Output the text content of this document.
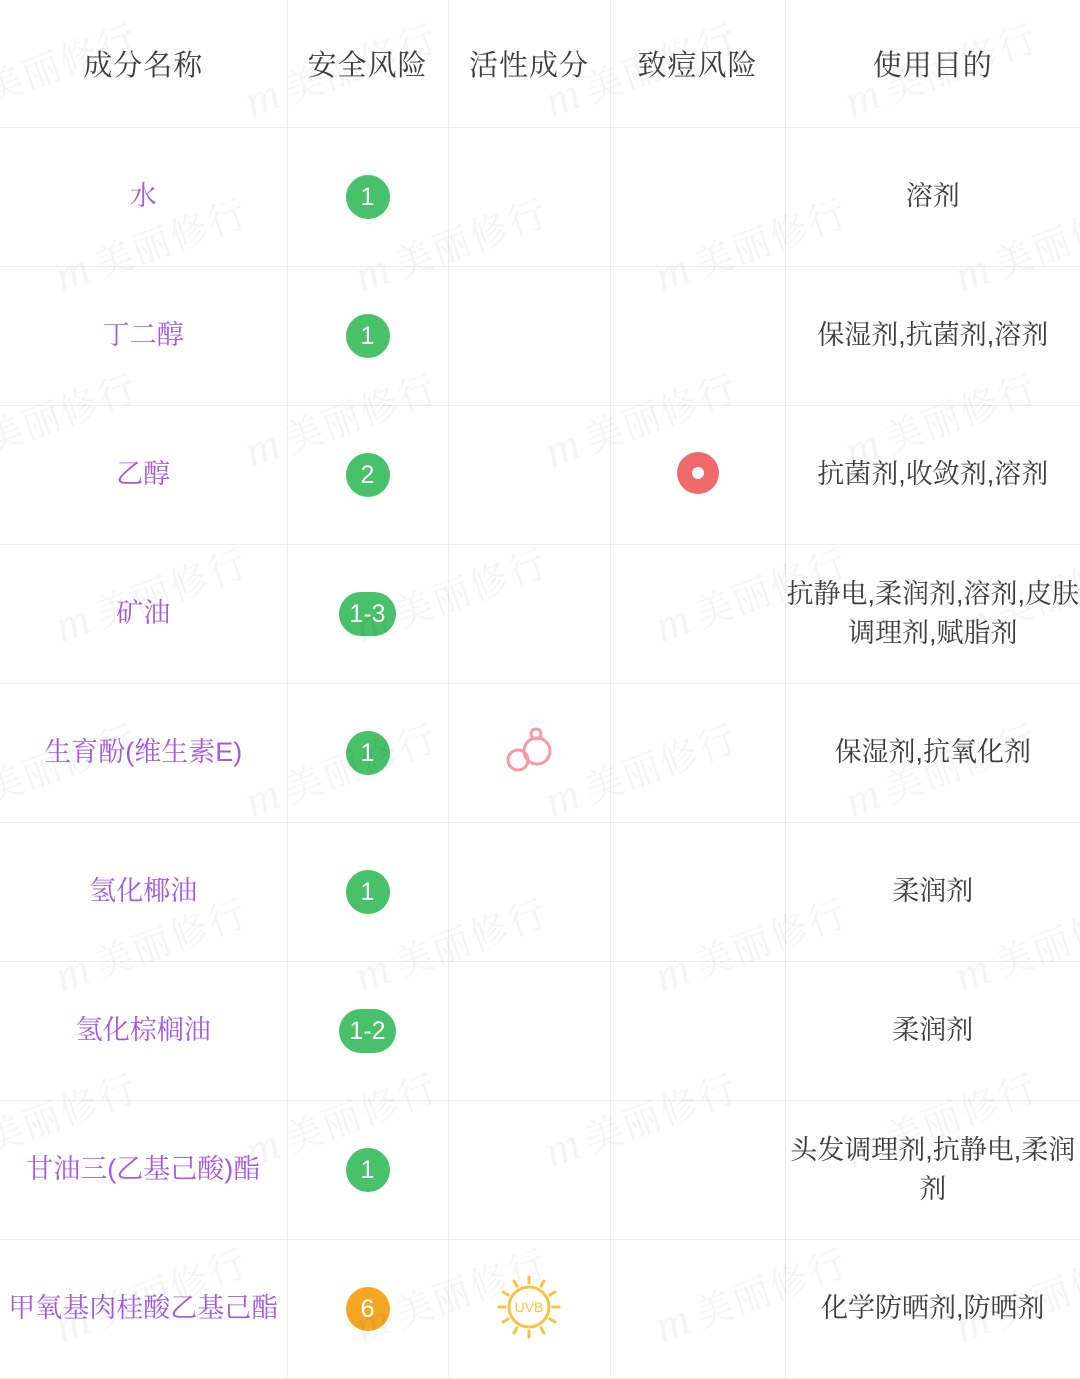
成分名称	安全风险	活性成分	致痘风险	使用目的
水	1			溶剂
丁二醇	1			保湿剂,抗菌剂,溶剂
乙醇	2			抗菌剂,收敛剂,溶剂
矿油	1-3			抗静电,柔润剂,溶剂,皮肤调理剂,赋脂剂
生育酚(维生素E)	1			保湿剂,抗氧化剂
氢化椰油	1			柔润剂
氢化棕榈油	1-2			柔润剂
甘油三(乙基己酸)酯	1			头发调理剂,抗静电,柔润剂
甲氧基肉桂酸乙基己酯	6	UVB		化学防晒剂,防晒剂
